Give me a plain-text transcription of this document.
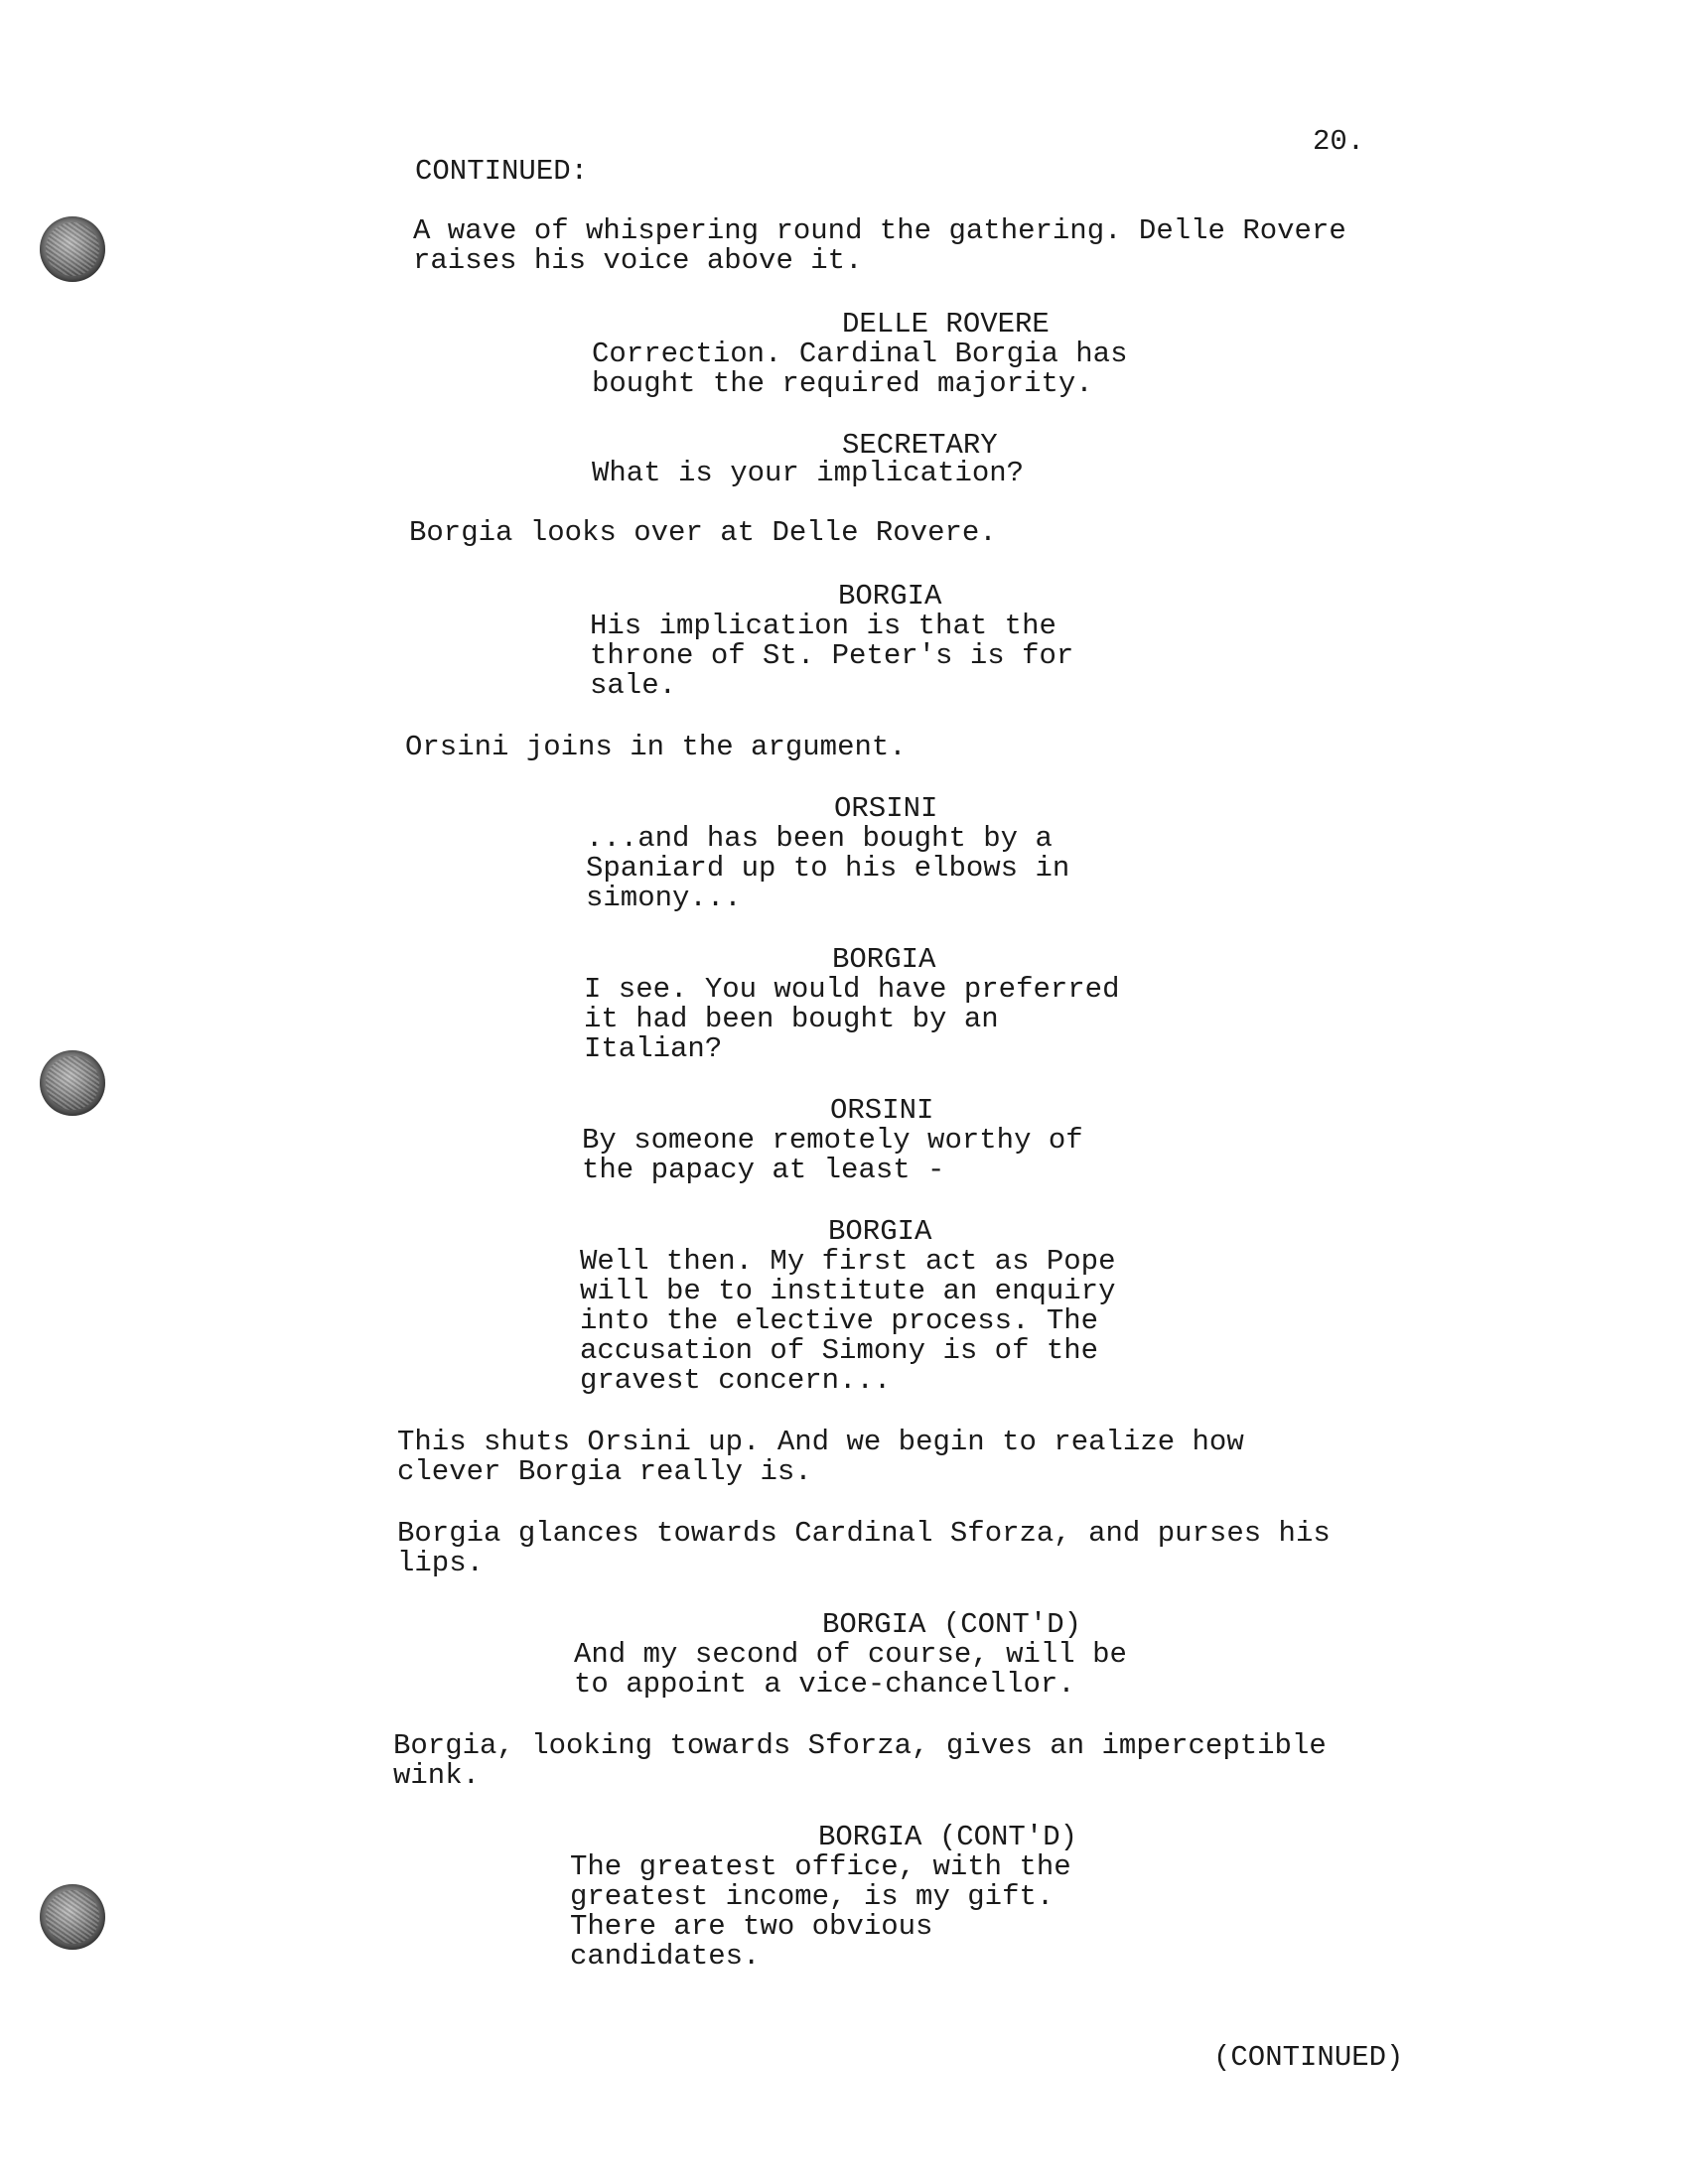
20.
CONTINUED:
A wave of whispering round the gathering. Delle Rovere
raises his voice above it.
DELLE ROVERE
Correction. Cardinal Borgia has
bought the required majority.
SECRETARY
What is your implication?
Borgia looks over at Delle Rovere.
BORGIA
His implication is that the
throne of St. Peter's is for
sale.
Orsini joins in the argument.
ORSINI
...and has been bought by a
Spaniard up to his elbows in
simony...
BORGIA
I see. You would have preferred
it had been bought by an
Italian?
ORSINI
By someone remotely worthy of
the papacy at least -
BORGIA
Well then. My first act as Pope
will be to institute an enquiry
into the elective process. The
accusation of Simony is of the
gravest concern...
This shuts Orsini up. And we begin to realize how
clever Borgia really is.
Borgia glances towards Cardinal Sforza, and purses his
lips.
BORGIA (CONT'D)
And my second of course, will be
to appoint a vice-chancellor.
Borgia, looking towards Sforza, gives an imperceptible
wink.
BORGIA (CONT'D)
The greatest office, with the
greatest income, is my gift.
There are two obvious
candidates.
(CONTINUED)
